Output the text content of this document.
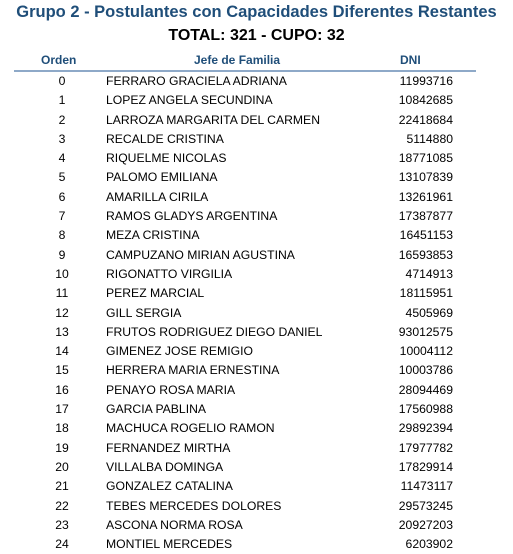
Grupo 2 - Postulantes con Capacidades Diferentes Restantes
TOTAL: 321 - CUPO: 32
Orden	Jefe de Familia	DNI
0	FERRARO GRACIELA ADRIANA	11993716
1	LOPEZ ANGELA SECUNDINA	10842685
2	LARROZA MARGARITA DEL CARMEN	22418684
3	RECALDE CRISTINA	5114880
4	RIQUELME NICOLAS	18771085
5	PALOMO EMILIANA	13107839
6	AMARILLA CIRILA	13261961
7	RAMOS GLADYS ARGENTINA	17387877
8	MEZA CRISTINA	16451153
9	CAMPUZANO MIRIAN AGUSTINA	16593853
10	RIGONATTO VIRGILIA	4714913
11	PEREZ MARCIAL	18115951
12	GILL SERGIA	4505969
13	FRUTOS RODRIGUEZ DIEGO DANIEL	93012575
14	GIMENEZ JOSE REMIGIO	10004112
15	HERRERA MARIA ERNESTINA	10003786
16	PENAYO ROSA MARIA	28094469
17	GARCIA PABLINA	17560988
18	MACHUCA ROGELIO RAMON	29892394
19	FERNANDEZ MIRTHA	17977782
20	VILLALBA DOMINGA	17829914
21	GONZALEZ CATALINA	11473117
22	TEBES MERCEDES DOLORES	29573245
23	ASCONA NORMA ROSA	20927203
24	MONTIEL MERCEDES	6203902
